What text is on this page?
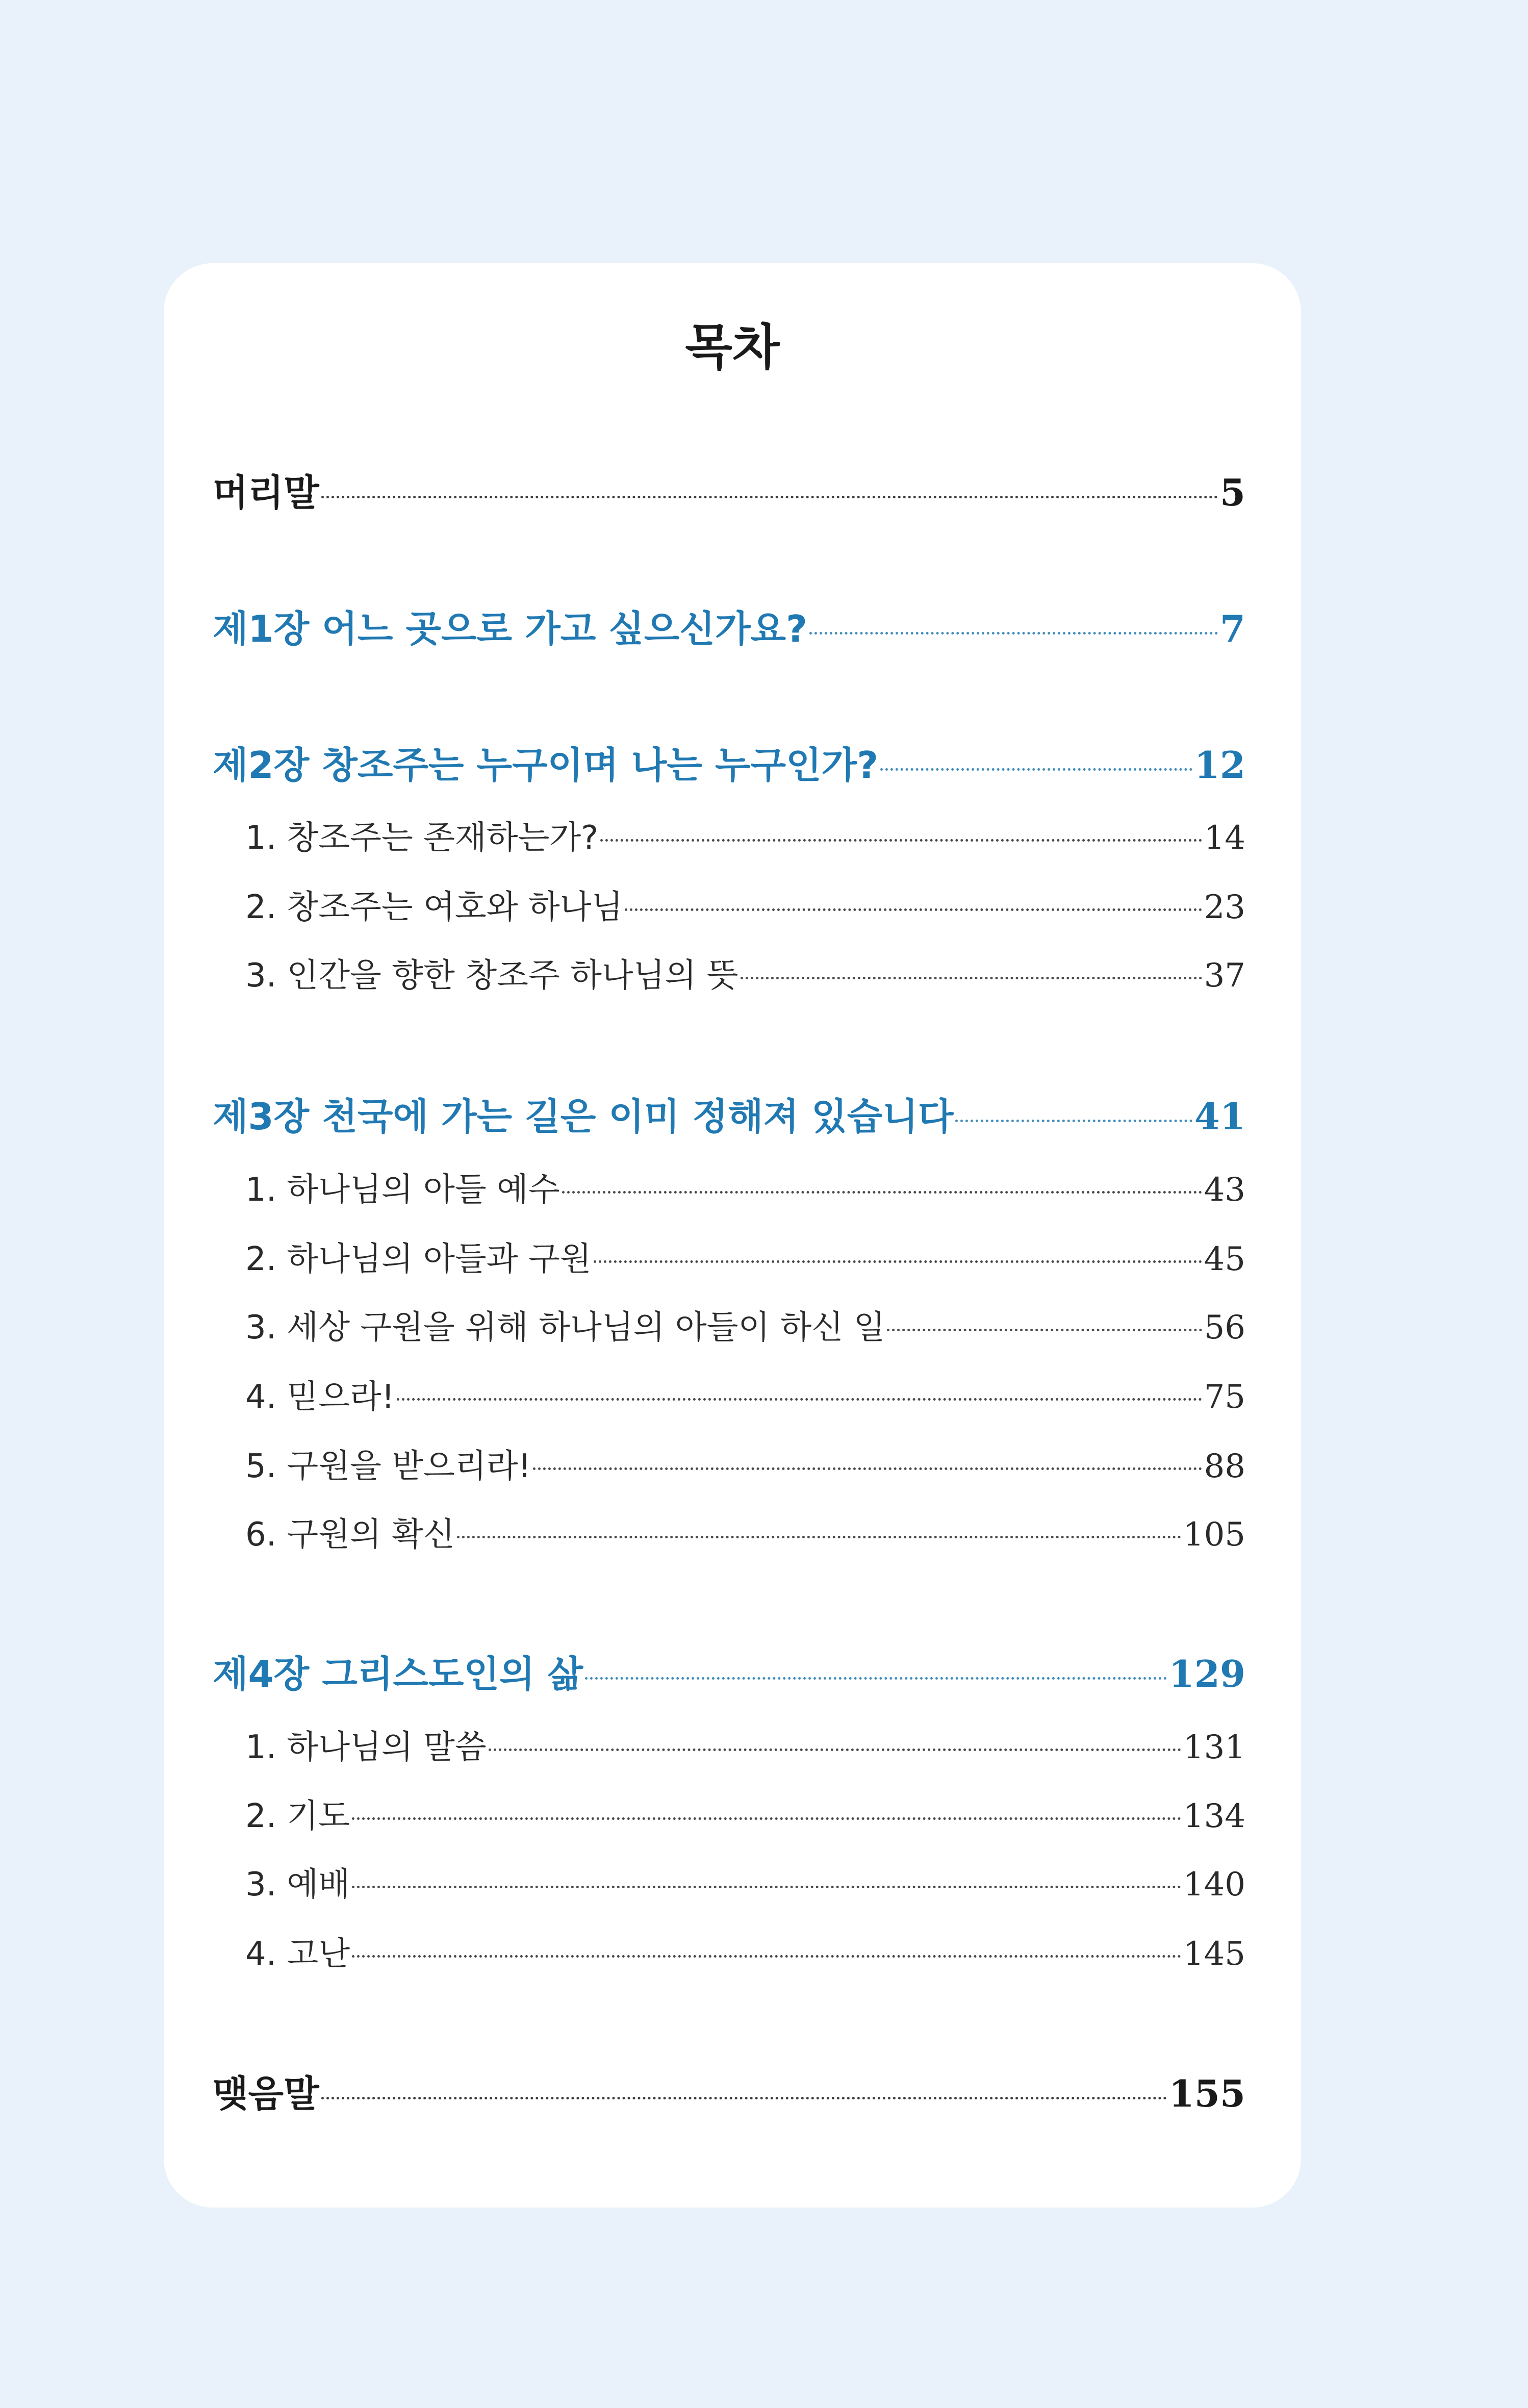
목차
머리말	5
제1장 어느 곳으로 가고 싶으신가요?	7
제2장 창조주는 누구이며 나는 누구인가?	12
1. 창조주는 존재하는가?	14
2. 창조주는 여호와 하나님	23
3. 인간을 향한 창조주 하나님의 뜻	37
제3장 천국에 가는 길은 이미 정해져 있습니다	41
1. 하나님의 아들 예수	43
2. 하나님의 아들과 구원	45
3. 세상 구원을 위해 하나님의 아들이 하신 일	56
4. 믿으라!	75
5. 구원을 받으리라!	88
6. 구원의 확신	105
제4장 그리스도인의 삶	129
1. 하나님의 말씀	131
2. 기도	134
3. 예배	140
4. 고난	145
맺음말	155
